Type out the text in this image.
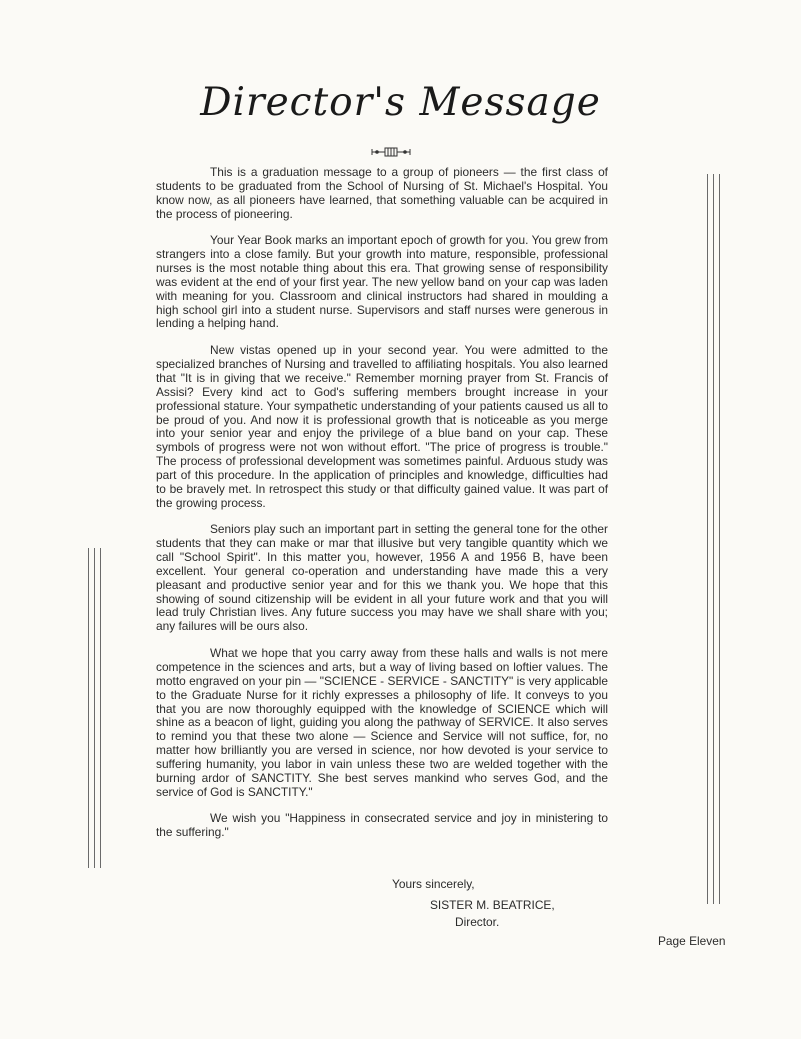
Director's Message

This is a graduation message to a group of pioneers — the first class of students to be graduated from the School of Nursing of St. Michael's Hospital. You know now, as all pioneers have learned, that something valuable can be acquired in the process of pioneering.

Your Year Book marks an important epoch of growth for you. You grew from strangers into a close family. But your growth into mature, responsible, professional nurses is the most notable thing about this era. That growing sense of responsibility was evident at the end of your first year. The new yellow band on your cap was laden with meaning for you. Classroom and clinical instructors had shared in moulding a high school girl into a student nurse. Supervisors and staff nurses were generous in lending a helping hand.

New vistas opened up in your second year. You were admitted to the specialized branches of Nursing and travelled to affiliating hospitals. You also learned that "It is in giving that we receive." Remember morning prayer from St. Francis of Assisi? Every kind act to God's suffering members brought increase in your professional stature. Your sympathetic understanding of your patients caused us all to be proud of you. And now it is professional growth that is noticeable as you merge into your senior year and enjoy the privilege of a blue band on your cap. These symbols of progress were not won without effort. "The price of progress is trouble." The process of professional development was sometimes painful. Arduous study was part of this procedure. In the application of principles and knowledge, difficulties had to be bravely met. In retrospect this study or that difficulty gained value. It was part of the growing process.

Seniors play such an important part in setting the general tone for the other students that they can make or mar that illusive but very tangible quantity which we call "School Spirit". In this matter you, however, 1956 A and 1956 B, have been excellent. Your general co-operation and understanding have made this a very pleasant and productive senior year and for this we thank you. We hope that this showing of sound citizenship will be evident in all your future work and that you will lead truly Christian lives. Any future success you may have we shall share with you; any failures will be ours also.

What we hope that you carry away from these halls and walls is not mere competence in the sciences and arts, but a way of living based on loftier values. The motto engraved on your pin — "SCIENCE - SERVICE - SANCTITY" is very applicable to the Graduate Nurse for it richly expresses a philosophy of life. It conveys to you that you are now thoroughly equipped with the knowledge of SCIENCE which will shine as a beacon of light, guiding you along the pathway of SERVICE. It also serves to remind you that these two alone — Science and Service will not suffice, for, no matter how brilliantly you are versed in science, nor how devoted is your service to suffering humanity, you labor in vain unless these two are welded together with the burning ardor of SANCTITY. She best serves mankind who serves God, and the service of God is SANCTITY."

We wish you "Happiness in consecrated service and joy in ministering to the suffering."

Yours sincerely,
SISTER M. BEATRICE,
Director.
Page Eleven
